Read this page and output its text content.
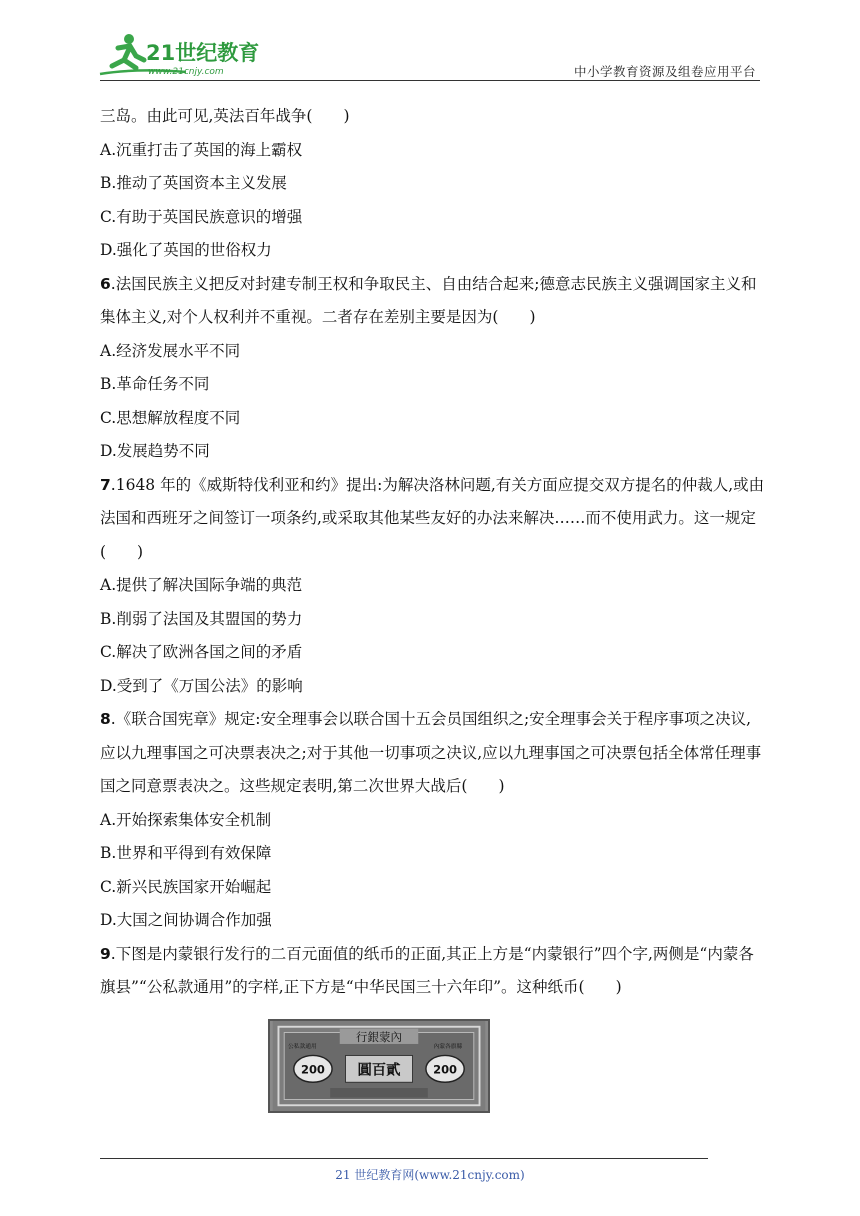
21世纪教育
www.21cnjy.com	中小学教育资源及组卷应用平台

三岛。由此可见,英法百年战争(　　)

A.沉重打击了英国的海上霸权

B.推动了英国资本主义发展

C.有助于英国民族意识的增强

D.强化了英国的世俗权力

6.法国民族主义把反对封建专制王权和争取民主、自由结合起来;德意志民族主义强调国家主义和集体主义,对个人权利并不重视。二者存在差别主要是因为(　　)

A.经济发展水平不同

B.革命任务不同

C.思想解放程度不同

D.发展趋势不同

7.1648 年的《威斯特伐利亚和约》提出:为解决洛林问题,有关方面应提交双方提名的仲裁人,或由法国和西班牙之间签订一项条约,或采取其他某些友好的办法来解决……而不使用武力。这一规定(　　)

A.提供了解决国际争端的典范

B.削弱了法国及其盟国的势力

C.解决了欧洲各国之间的矛盾

D.受到了《万国公法》的影响

8.《联合国宪章》规定:安全理事会以联合国十五会员国组织之;安全理事会关于程序事项之决议,应以九理事国之可决票表决之;对于其他一切事项之决议,应以九理事国之可决票包括全体常任理事国之同意票表决之。这些规定表明,第二次世界大战后(　　)

A.开始探索集体安全机制

B.世界和平得到有效保障

C.新兴民族国家开始崛起

D.大国之间协调合作加强

9.下图是内蒙银行发行的二百元面值的纸币的正面,其正上方是“内蒙银行”四个字,两侧是“内蒙各旗县”“公私款通用”的字样,正下方是“中华民国三十六年印”。这种纸币(　　)

行銀蒙內
200	200
圓百貳
公私款通用	內蒙各旗縣
21 世纪教育网(www.21cnjy.com)
